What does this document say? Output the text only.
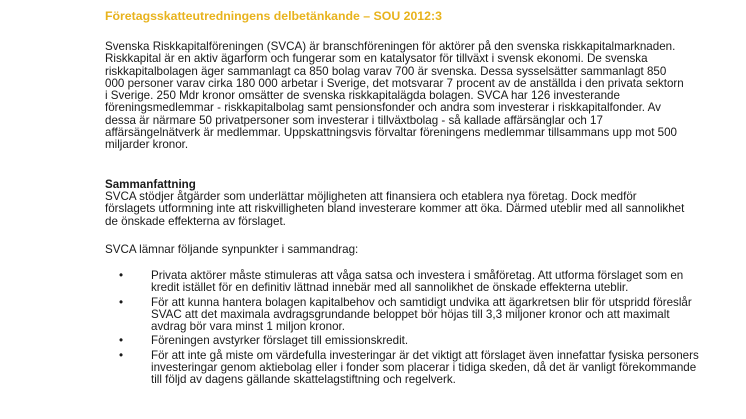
Företagsskatteutredningens delbetänkande – SOU 2012:3

Svenska Riskkapitalföreningen (SVCA) är branschföreningen för aktörer på den svenska riskkapitalmarknaden. Riskkapital är en aktiv ägarform och fungerar som en katalysator för tillväxt i svensk ekonomi. De svenska riskkapitalbolagen äger sammanlagt ca 850 bolag varav 700 är svenska. Dessa sysselsätter sammanlagt 850 000 personer varav cirka 180 000 arbetar i Sverige, det motsvarar 7 procent av de anställda i den privata sektorn i Sverige. 250 Mdr kronor omsätter de svenska riskkapitalägda bolagen. SVCA har 126 investerande föreningsmedlemmar - riskkapitalbolag samt pensionsfonder och andra som investerar i riskkapitalfonder. Av dessa är närmare 50 privatpersoner som investerar i tillväxtbolag - så kallade affärsänglar och 17 affärsängelnätverk är medlemmar. Uppskattningsvis förvaltar föreningens medlemmar tillsammans upp mot 500 miljarder kronor.

Sammanfattning

SVCA stödjer åtgärder som underlättar möjligheten att finansiera och etablera nya företag. Dock medför förslagets utformning inte att riskvilligheten bland investerare kommer att öka. Därmed uteblir med all sannolikhet de önskade effekterna av förslaget.

SVCA lämnar följande synpunkter i sammandrag:

• Privata aktörer måste stimuleras att våga satsa och investera i småföretag. Att utforma förslaget som en kredit istället för en definitiv lättnad innebär med all sannolikhet de önskade effekterna uteblir.
• För att kunna hantera bolagen kapitalbehov och samtidigt undvika att ägarkretsen blir för utspridd föreslår SVAC att det maximala avdragsgrundande beloppet bör höjas till 3,3 miljoner kronor och att maximalt avdrag bör vara minst 1 miljon kronor.
• Föreningen avstyrker förslaget till emissionskredit.
• För att inte gå miste om värdefulla investeringar är det viktigt att förslaget även innefattar fysiska personers investeringar genom aktiebolag eller i fonder som placerar i tidiga skeden, då det är vanligt förekommande till följd av dagens gällande skattelagstiftning och regelverk.
